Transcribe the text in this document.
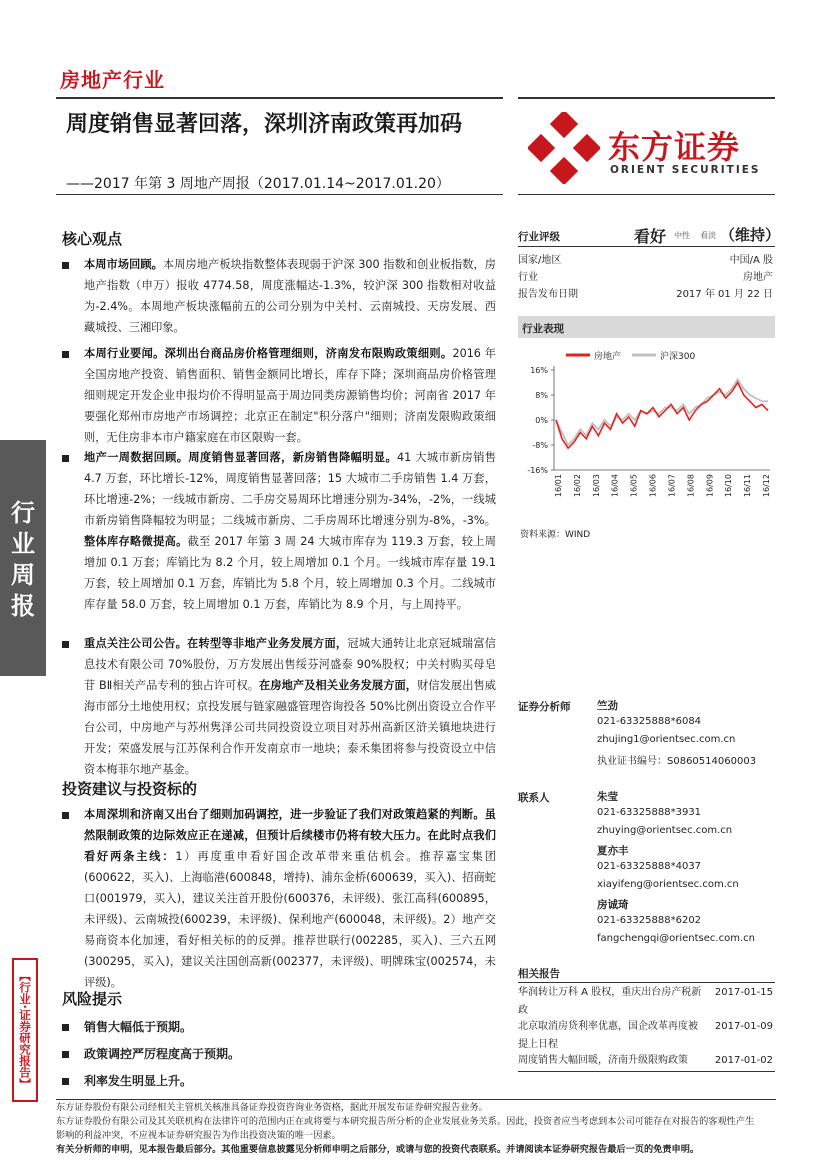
房地产行业
周度销售显著回落，深圳济南政策再加码
——2017 年第 3 周地产周报（2017.01.14~2017.01.20）
东方证券
ORIENT SECURITIES
行业周报
【行业·证券研究报告】
核心观点
本周市场回顾。本周房地产板块指数整体表现弱于沪深 300 指数和创业板指数，房地产指数（申万）报收 4774.58，周度涨幅达-1.3%，较沪深 300 指数相对收益为-2.4%。本周地产板块涨幅前五的公司分别为中关村、云南城投、天房发展、西藏城投、三湘印象。
本周行业要闻。深圳出台商品房价格管理细则，济南发布限购政策细则。2016 年全国房地产投资、销售面积、销售金额同比增长，库存下降；深圳商品房价格管理细则规定开发企业申报均价不得明显高于周边同类房源销售均价；河南省 2017 年要强化郑州市房地产市场调控；北京正在制定"积分落户"细则；济南发限购政策细则，无住房非本市户籍家庭在市区限购一套。
地产一周数据回顾。周度销售显著回落，新房销售降幅明显。41 大城市新房销售 4.7 万套，环比增长-12%，周度销售显著回落；15 大城市二手房销售 1.4 万套，环比增速-2%；一线城市新房、二手房交易周环比增速分别为-34%，-2%，一线城市新房销售降幅较为明显；二线城市新房、二手房周环比增速分别为-8%，-3%。整体库存略微提高。截至 2017 年第 3 周 24 大城市库存为 119.3 万套，较上周增加 0.1 万套；库销比为 8.2 个月，较上周增加 0.1 个月。一线城市库存量 19.1 万套，较上周增加 0.1 万套，库销比为 5.8 个月，较上周增加 0.3 个月。二线城市库存量 58.0 万套，较上周增加 0.1 万套，库销比为 8.9 个月，与上周持平。
重点关注公司公告。在转型等非地产业务发展方面，冠城大通转让北京冠城瑞富信息技术有限公司 70%股份，万方发展出售绥芬河盛泰 90%股权；中关村购买母皂苷 BⅡ相关产品专利的独占许可权。在房地产及相关业务发展方面，财信发展出售威海市部分土地使用权；京投发展与链家融盛管理咨询投各 50%比例出资设立合作平台公司，中房地产与苏州隽泽公司共同投资设立项目对苏州高新区浒关镇地块进行开发；荣盛发展与江苏保利合作开发南京市一地块；泰禾集团将参与投资设立中信资本梅菲尔地产基金。
投资建议与投资标的
本周深圳和济南又出台了细则加码调控，进一步验证了我们对政策趋紧的判断。虽然限制政策的边际效应正在递减，但预计后续楼市仍将有较大压力。在此时点我们看好两条主线：1）再度重申看好国企改革带来重估机会。推荐嘉宝集团(600622，买入)、上海临港(600848，增持)、浦东金桥(600639，买入)、招商蛇口(001979，买入)，建议关注首开股份(600376，未评级)、张江高科(600895，未评级)、云南城投(600239，未评级)、保利地产(600048，未评级)。2）地产交易商资本化加速，看好相关标的的反弹。推荐世联行(002285，买入)、三六五网(300295，买入)，建议关注国创高新(002377，未评级)、明牌珠宝(002574，未评级)。
风险提示
销售大幅低于预期。
政策调控严厉程度高于预期。
利率发生明显上升。
行业评级	看好 中性 看淡 （维持）
国家/地区	中国/A 股
行业	房地产
报告发布日期	2017 年 01 月 22 日
行业表现
房地产	沪深300
16%
8%
0%
-8%
-16%
16/01 16/02 16/03 16/04 16/05 16/06 16/07 16/08 16/09 16/10 16/11 16/12
资料来源：WIND
证券分析师	竺劲
021-63325888*6084
zhujing1@orientsec.com.cn
执业证书编号：S0860514060003
联系人	朱莹
021-63325888*3931
zhuying@orientsec.com.cn
夏亦丰
021-63325888*4037
xiayifeng@orientsec.com.cn
房诚琦
021-63325888*6202
fangchengqi@orientsec.com.cn
相关报告
华润转让万科 A 股权，重庆出台房产税新
政
2017-01-15
北京取消房贷利率优惠，国企改革再度被
提上日程
2017-01-09
周度销售大幅回暖，济南升级限购政策	2017-01-02
东方证券股份有限公司经相关主管机关核准具备证券投资咨询业务资格，据此开展发布证券研究报告业务。
东方证券股份有限公司及其关联机构在法律许可的范围内正在或将要与本研究报告所分析的企业发展业务关系。因此，投资者应当考虑到本公司可能存在对报告的客观性产生
影响的利益冲突，不应视本证券研究报告为作出投资决策的唯一因素。
有关分析师的申明，见本报告最后部分。其他重要信息披露见分析师申明之后部分，或请与您的投资代表联系。并请阅读本证券研究报告最后一页的免责申明。
